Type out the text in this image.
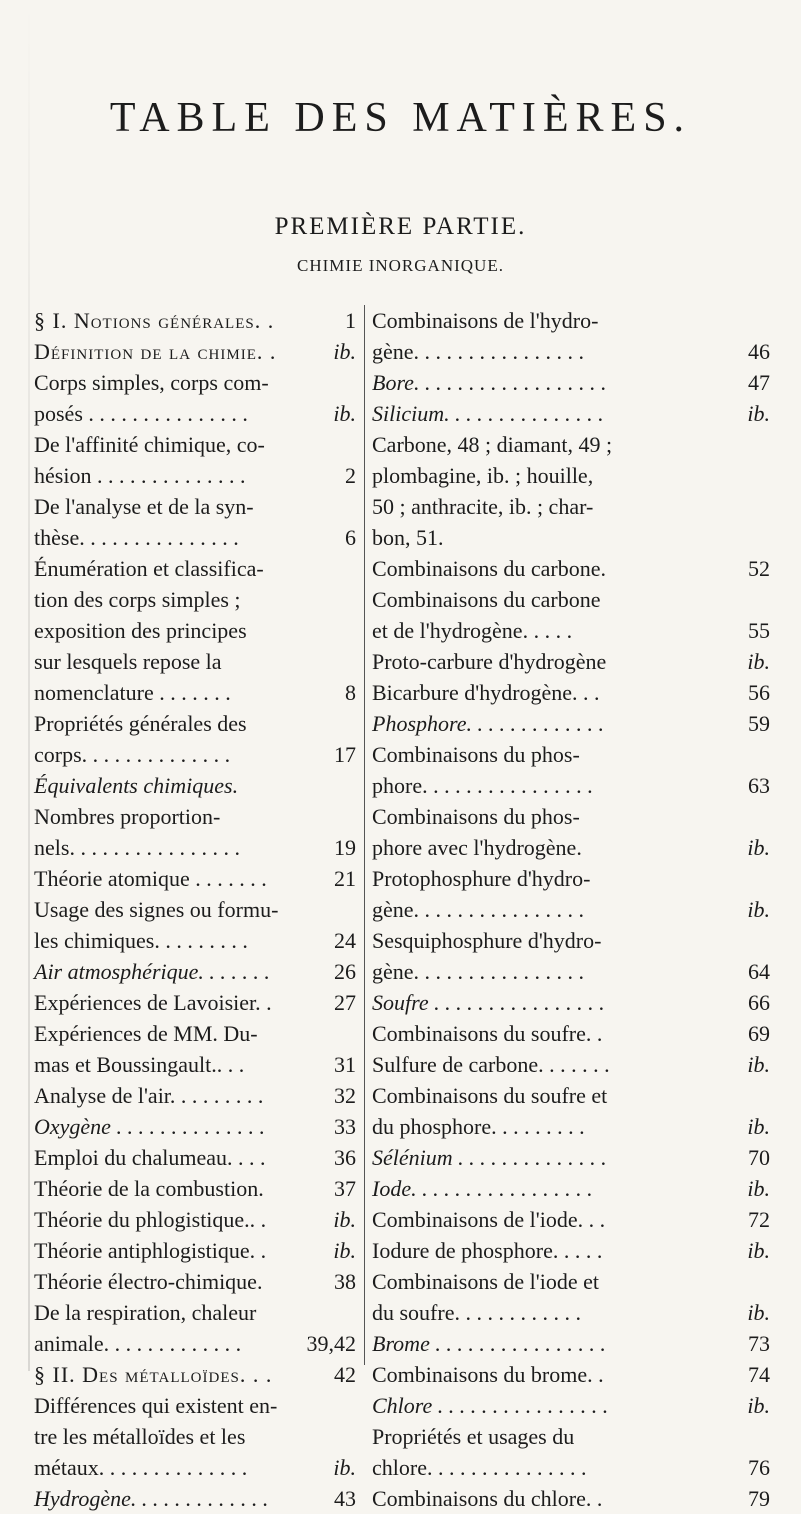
TABLE DES MATIÈRES.
PREMIÈRE PARTIE.
CHIMIE INORGANIQUE.
§ I. Notions générales. .	1
Définition de la chimie. .	ib.
Corps simples, corps com-
posés . . . . . . . . . . . . . . .	ib.
De l'affinité chimique, co-
hésion . . . . . . . . . . . . . .	2
De l'analyse et de la syn-
thèse. . . . . . . . . . . . . . .	6
Énumération et classifica-
tion des corps simples ;
exposition des principes
sur lesquels repose la
nomenclature . . . . . . .	8
Propriétés générales des
corps. . . . . . . . . . . . . .	17
Équivalents chimiques.
Nombres proportion-
nels. . . . . . . . . . . . . . . .	19
Théorie atomique . . . . . . .	21
Usage des signes ou formu-
les chimiques. . . . . . . . .	24
Air atmosphérique. . . . . . .	26
Expériences de Lavoisier. .	27
Expériences de MM. Du-
mas et Boussingault.. . .	31
Analyse de l'air. . . . . . . . .	32
Oxygène . . . . . . . . . . . . . .	33
Emploi du chalumeau. . . .	36
Théorie de la combustion.	37
Théorie du phlogistique.. .	ib.
Théorie antiphlogistique. .	ib.
Théorie électro-chimique.	38
De la respiration, chaleur
animale. . . . . . . . . . . . .	39,42
§ II. Des métalloïdes. . .	42
Différences qui existent en-
tre les métalloïdes et les
métaux. . . . . . . . . . . . . .	ib.
Hydrogène. . . . . . . . . . . . .	43
Combinaisons de l'hydro-
gène. . . . . . . . . . . . . . . .	46
Bore. . . . . . . . . . . . . . . . . .	47
Silicium. . . . . . . . . . . . . . .	ib.
Carbone, 48 ; diamant, 49 ;
plombagine, ib. ; houille,
50 ; anthracite, ib. ; char-
bon, 51.
Combinaisons du carbone.	52
Combinaisons du carbone
et de l'hydrogène. . . . .	55
Proto-carbure d'hydrogène	ib.
Bicarbure d'hydrogène. . .	56
Phosphore. . . . . . . . . . . . .	59
Combinaisons du phos-
phore. . . . . . . . . . . . . . . .	63
Combinaisons du phos-
phore avec l'hydrogène.	ib.
Protophosphure d'hydro-
gène. . . . . . . . . . . . . . . .	ib.
Sesquiphosphure d'hydro-
gène. . . . . . . . . . . . . . . .	64
Soufre . . . . . . . . . . . . . . . .	66
Combinaisons du soufre. .	69
Sulfure de carbone. . . . . . .	ib.
Combinaisons du soufre et
du phosphore. . . . . . . . .	ib.
Sélénium . . . . . . . . . . . . . .	70
Iode. . . . . . . . . . . . . . . . .	ib.
Combinaisons de l'iode. . .	72
Iodure de phosphore. . . . .	ib.
Combinaisons de l'iode et
du soufre. . . . . . . . . . . .	ib.
Brome . . . . . . . . . . . . . . . .	73
Combinaisons du brome. .	74
Chlore . . . . . . . . . . . . . . . .	ib.
Propriétés et usages du
chlore. . . . . . . . . . . . . . .	76
Combinaisons du chlore. .	79
